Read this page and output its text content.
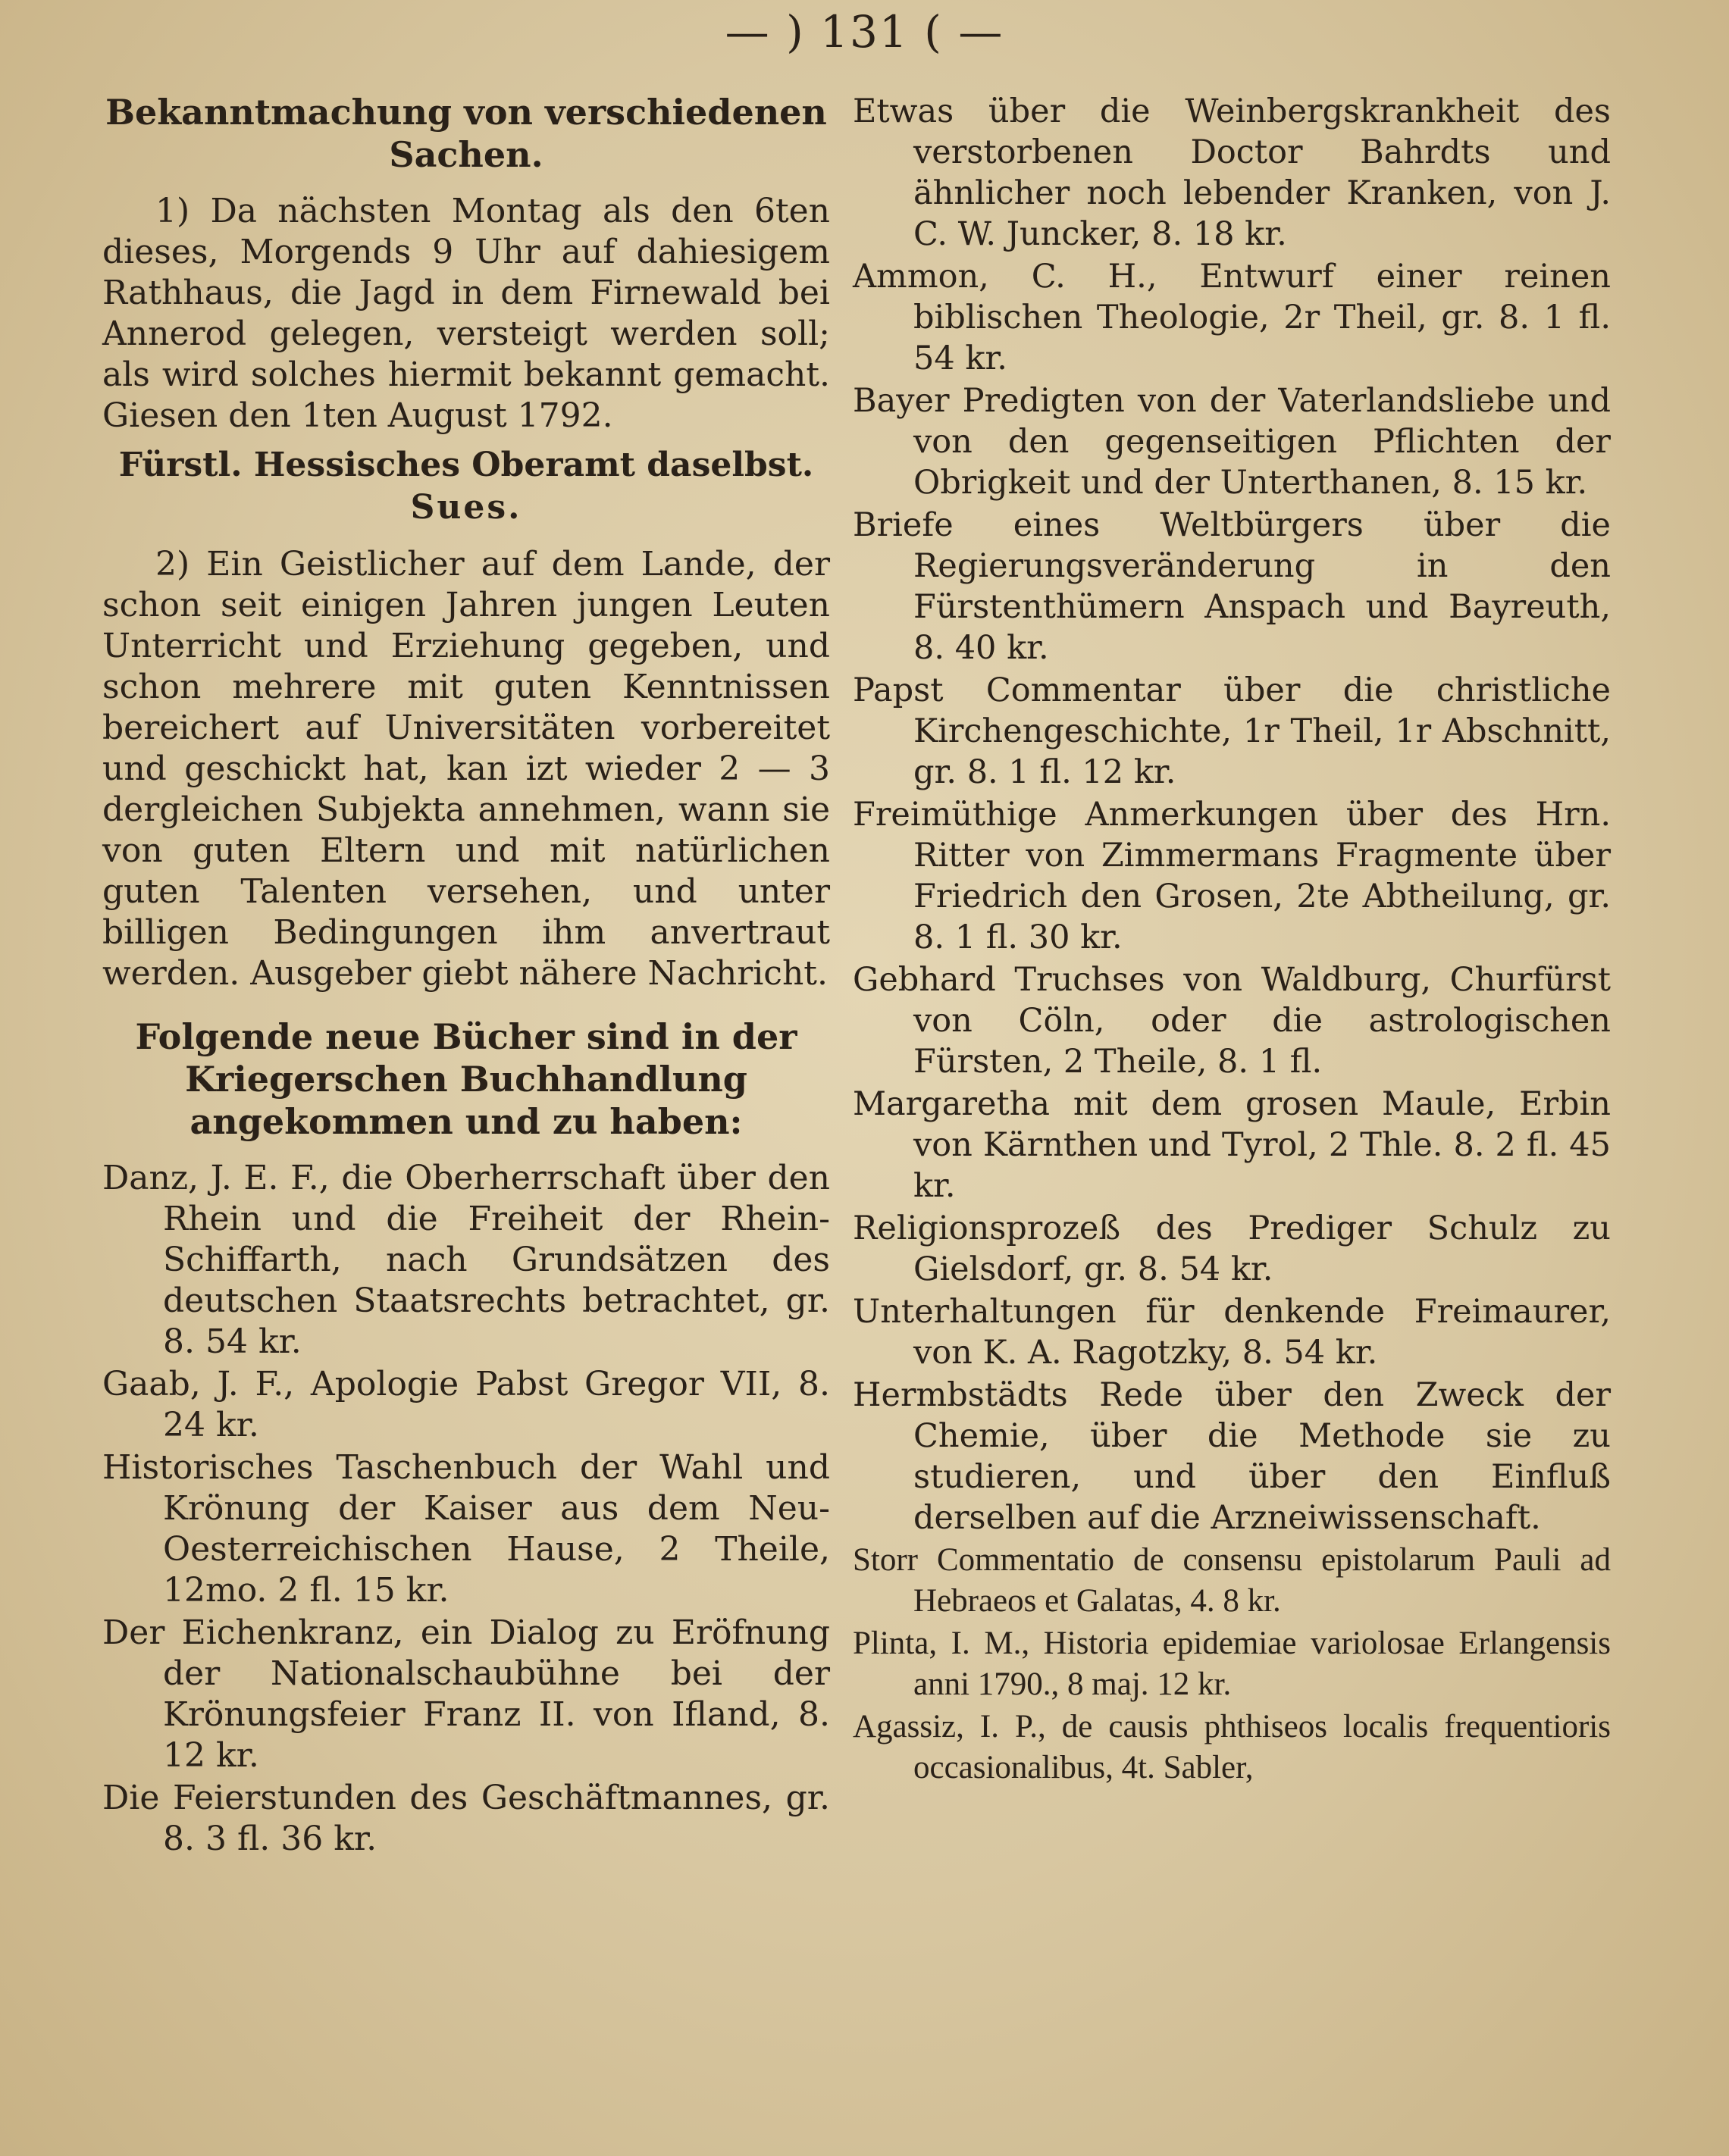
— ) 131 ( —

Bekanntmachung von verschiedenen Sachen.

1) Da nächsten Montag als den 6ten dieses, Morgends 9 Uhr auf dahiesigem Rathhaus, die Jagd in dem Firnewald bei Annerod gelegen, versteigt werden soll; als wird solches hiermit bekannt gemacht. Giesen den 1ten August 1792.

Fürstl. Hessisches Oberamt daselbst.

Sues.

2) Ein Geistlicher auf dem Lande, der schon seit einigen Jahren jungen Leuten Unterricht und Erziehung gegeben, und schon mehrere mit guten Kenntnissen bereichert auf Universitäten vorbereitet und geschickt hat, kan izt wieder 2 — 3 dergleichen Subjekta annehmen, wann sie von guten Eltern und mit natürlichen guten Talenten versehen, und unter billigen Bedingungen ihm anvertraut werden. Ausgeber giebt nähere Nachricht.

Folgende neue Bücher sind in der Kriegerschen Buchhandlung angekommen und zu haben:

Danz, J. E. F., die Oberherrschaft über den Rhein und die Freiheit der Rhein-Schiffarth, nach Grundsätzen des deutschen Staatsrechts betrachtet, gr. 8. 54 kr.

Gaab, J. F., Apologie Pabst Gregor VII, 8. 24 kr.

Historisches Taschenbuch der Wahl und Krönung der Kaiser aus dem Neu-Oesterreichischen Hause, 2 Theile, 12mo. 2 fl. 15 kr.

Der Eichenkranz, ein Dialog zu Eröfnung der Nationalschaubühne bei der Krönungsfeier Franz II. von Ifland, 8. 12 kr.

Die Feierstunden des Geschäftmannes, gr. 8. 3 fl. 36 kr.

Etwas über die Weinbergskrankheit des verstorbenen Doctor Bahrdts und ähnlicher noch lebender Kranken, von J. C. W. Juncker, 8. 18 kr.

Ammon, C. H., Entwurf einer reinen biblischen Theologie, 2r Theil, gr. 8. 1 fl. 54 kr.

Bayer Predigten von der Vaterlandsliebe und von den gegenseitigen Pflichten der Obrigkeit und der Unterthanen, 8. 15 kr.

Briefe eines Weltbürgers über die Regierungsveränderung in den Fürstenthümern Anspach und Bayreuth, 8. 40 kr.

Papst Commentar über die christliche Kirchengeschichte, 1r Theil, 1r Abschnitt, gr. 8. 1 fl. 12 kr.

Freimüthige Anmerkungen über des Hrn. Ritter von Zimmermans Fragmente über Friedrich den Grosen, 2te Abtheilung, gr. 8. 1 fl. 30 kr.

Gebhard Truchses von Waldburg, Churfürst von Cöln, oder die astrologischen Fürsten, 2 Theile, 8. 1 fl.

Margaretha mit dem grosen Maule, Erbin von Kärnthen und Tyrol, 2 Thle. 8. 2 fl. 45 kr.

Religionsprozeß des Prediger Schulz zu Gielsdorf, gr. 8. 54 kr.

Unterhaltungen für denkende Freimaurer, von K. A. Ragotzky, 8. 54 kr.

Hermbstädts Rede über den Zweck der Chemie, über die Methode sie zu studieren, und über den Einfluß derselben auf die Arzneiwissenschaft.

Storr Commentatio de consensu epistolarum Pauli ad Hebraeos et Galatas, 4. 8 kr.

Plinta, I. M., Historia epidemiae variolosae Erlangensis anni 1790., 8 maj. 12 kr.

Agassiz, I. P., de causis phthiseos localis frequentioris occasionalibus, 4t. Sabler,
